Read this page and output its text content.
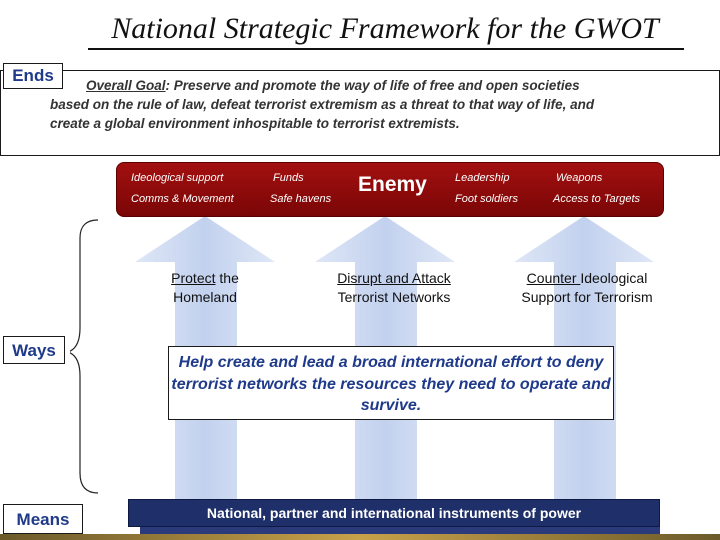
National Strategic Framework for the GWOT
Ends
Overall Goal: Preserve and promote the way of life of free and open societies
based on the rule of law, defeat terrorist extremism as a threat to that way of life, and
create a global environment inhospitable to terrorist extremists.
Ideological support	Funds
Comms & Movement	Safe havens
Enemy	Leadership	Weapons
Foot soldiers	Access to Targets
Protect the
Homeland
Disrupt and Attack
Terrorist Networks
Counter Ideological
Support for Terrorism
Ways
Help create and lead a broad international effort to deny terrorist networks the resources they need to operate and survive.
Means	National, partner and international instruments of power
